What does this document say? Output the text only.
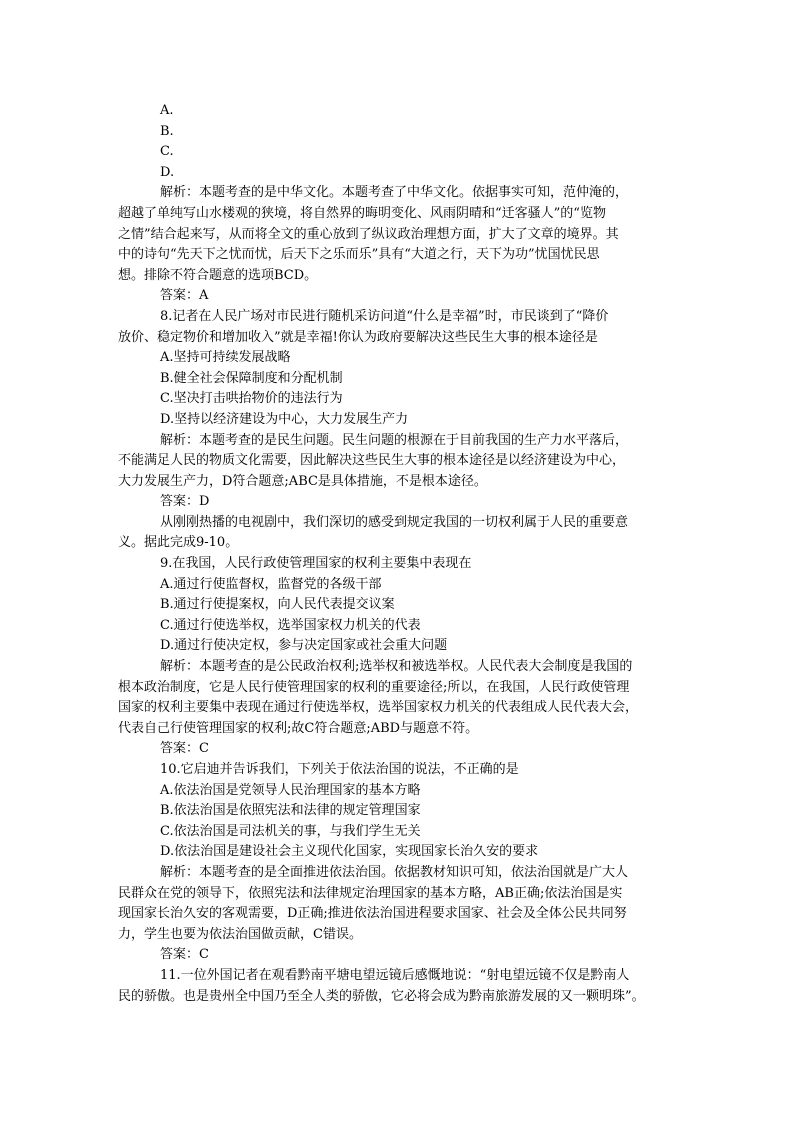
A.
B.
C.
D.
解析：本题考查的是中华文化。本题考查了中华文化。依据事实可知，范仲淹的，
超越了单纯写山水楼观的狭境，将自然界的晦明变化、风雨阴晴和“迁客骚人”的“览物
之情”结合起来写，从而将全文的重心放到了纵议政治理想方面，扩大了文章的境界。其
中的诗句“先天下之忧而忧，后天下之乐而乐”具有“大道之行，天下为功”忧国忧民思
想。排除不符合题意的选项BCD。
答案：A
8.记者在人民广场对市民进行随机采访问道“什么是幸福”时，市民谈到了“降价
放价、稳定物价和增加收入”就是幸福!你认为政府要解决这些民生大事的根本途径是
A.坚持可持续发展战略
B.健全社会保障制度和分配机制
C.坚决打击哄抬物价的违法行为
D.坚持以经济建设为中心，大力发展生产力
解析：本题考查的是民生问题。民生问题的根源在于目前我国的生产力水平落后，
不能满足人民的物质文化需要，因此解决这些民生大事的根本途径是以经济建设为中心，
大力发展生产力，D符合题意;ABC是具体措施，不是根本途径。
答案：D
从刚刚热播的电视剧中，我们深切的感受到规定我国的一切权利属于人民的重要意
义。据此完成9-10。
9.在我国，人民行政使管理国家的权利主要集中表现在
A.通过行使监督权，监督党的各级干部
B.通过行使提案权，向人民代表提交议案
C.通过行使选举权，选举国家权力机关的代表
D.通过行使决定权，参与决定国家或社会重大问题
解析：本题考查的是公民政治权利;选举权和被选举权。人民代表大会制度是我国的
根本政治制度，它是人民行使管理国家的权利的重要途径;所以，在我国，人民行政使管理
国家的权利主要集中表现在通过行使选举权，选举国家权力机关的代表组成人民代表大会，
代表自己行使管理国家的权利;故C符合题意;ABD与题意不符。
答案：C
10.它启迪并告诉我们，下列关于依法治国的说法，不正确的是
A.依法治国是党领导人民治理国家的基本方略
B.依法治国是依照宪法和法律的规定管理国家
C.依法治国是司法机关的事，与我们学生无关
D.依法治国是建设社会主义现代化国家，实现国家长治久安的要求
解析：本题考查的是全面推进依法治国。依据教材知识可知，依法治国就是广大人
民群众在党的领导下，依照宪法和法律规定治理国家的基本方略，AB正确;依法治国是实
现国家长治久安的客观需要，D正确;推进依法治国进程要求国家、社会及全体公民共同努
力，学生也要为依法治国做贡献，C错误。
答案：C
11.一位外国记者在观看黔南平塘电望远镜后感慨地说：“射电望远镜不仅是黔南人
民的骄傲。也是贵州全中国乃至全人类的骄傲，它必将会成为黔南旅游发展的又一颗明珠”。
